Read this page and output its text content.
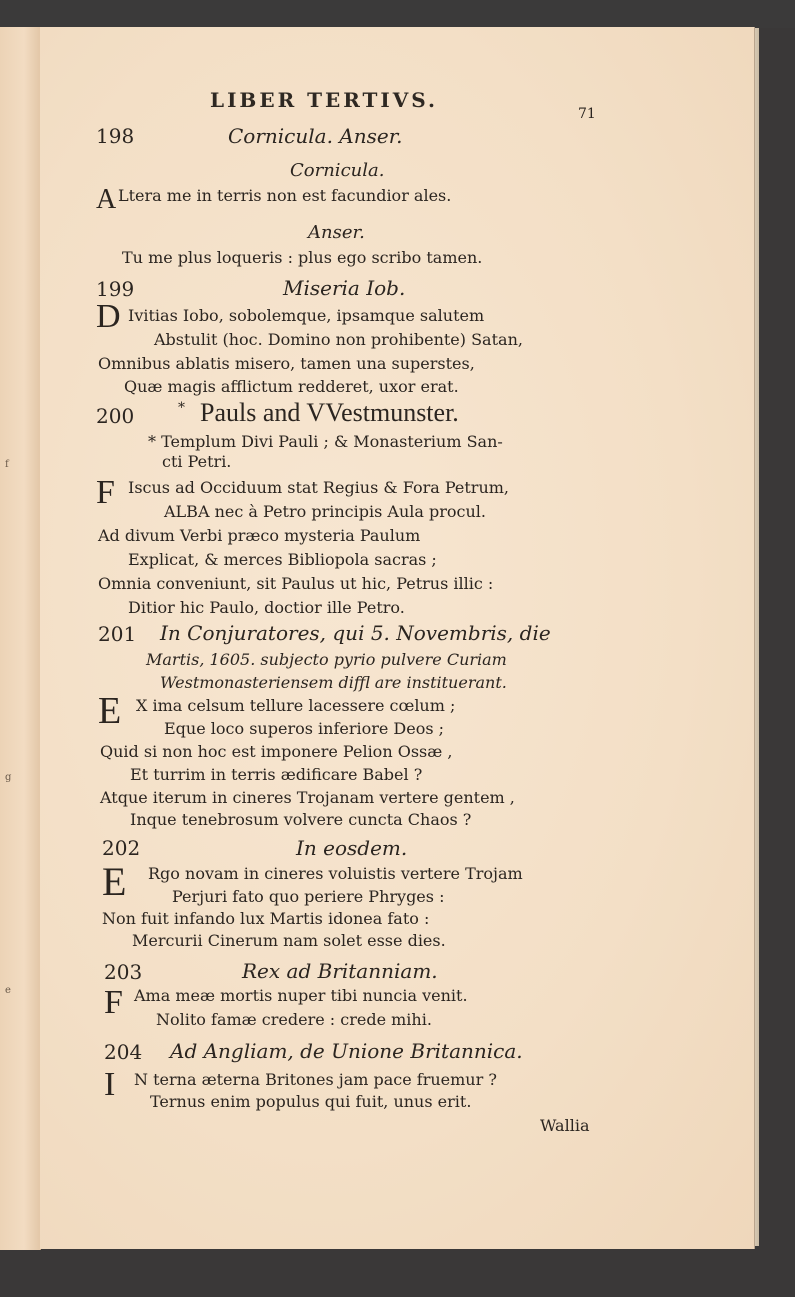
f
g
e
LIBER TERTIVS.
71
198	Cornicula. Anser.
Cornicula.
A Ltera me in terris non est facundior ales.
Anser.
Tu me plus loqueris : plus ego scribo tamen.
199	Miseria Iob.
D Ivitias Iobo, sobolemque, ipsamque salutem
Abstulit (hoc. Domino non prohibente) Satan,
Omnibus ablatis misero, tamen una superstes,
Quæ magis afflictum redderet, uxor erat.
200	* Pauls and VVestmunster.
* Templum Divi Pauli ; & Monasterium San-
cti Petri.
F Iscus ad Occiduum stat Regius & Fora Petrum,
ALBA nec à Petro principis Aula procul.
Ad divum Verbi præco mysteria Paulum
Explicat, & merces Bibliopola sacras ;
Omnia conveniunt, sit Paulus ut hic, Petrus illic :
Ditior hic Paulo, doctior ille Petro.
201 In Conjuratores, qui 5. Novembris, die
Martis, 1605. subjecto pyrio pulvere Curiam
Westmonasteriensem diffl are instituerant.
E X ima celsum tellure lacessere cœlum ;
Eque loco superos inferiore Deos ;
Quid si non hoc est imponere Pelion Ossæ ,
Et turrim in terris ædificare Babel ?
Atque iterum in cineres Trojanam vertere gentem ,
Inque tenebrosum volvere cuncta Chaos ?
202	In eosdem.
E Rgo novam in cineres voluistis vertere Trojam
Perjuri fato quo periere Phryges :
Non fuit infando lux Martis idonea fato :
Mercurii Cinerum nam solet esse dies.
203	Rex ad Britanniam.
F Ama meæ mortis nuper tibi nuncia venit.
Nolito famæ credere : crede mihi.
204 Ad Angliam, de Unione Britannica.
I N terna æterna Britones jam pace fruemur ?
Ternus enim populus qui fuit, unus erit.
Wallia
